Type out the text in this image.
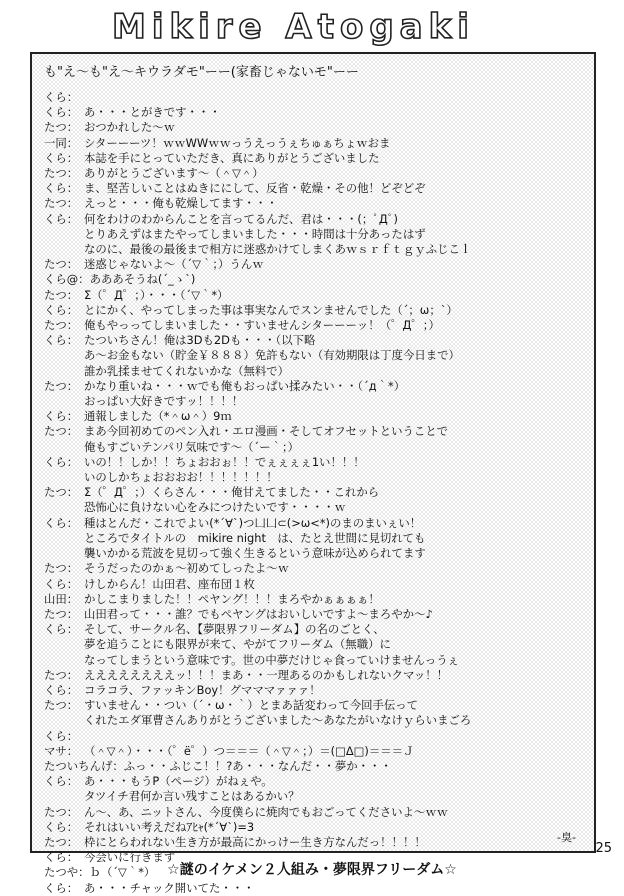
Mikire Atogaki
も"え～も"え～キウラダモ"ーー(家畜じゃないモ"ーー
くら：
くら： あ・・・とがきです・・・
たつ： おつかれした～ｗ
一同： シターーーツ！ｗｗWWｗｗっうえっうぇちゅぁちょｗおま
くら： 本誌を手にとっていただき、真にありがとうございました
たつ： ありがとうございます～（＾▽＾）
くら： ま、堅苦しいことはぬきににして、反省・乾燥・その他！どぞどぞ
たつ： えっと・・・俺も乾燥してます・・・
くら： 何をわけのわからんことを言ってるんだ、君は・・・(；ﾟДﾟ)
とりあえずはまたやってしまいました・・・時間は十分あったはず
なのに、最後の最後まで相方に迷惑かけてしまくあｗｓｒｆｔｇｙふじこｌ
たつ： 迷惑じゃないよ～（´▽｀；）うんｗ
くら@： あああそうね(´_ゝ`)
たつ： Σ（゜Д゜；）・・・（´▽｀*）
くら： とにかく、やってしまった事は事実なんでスンませんでした（´；ω；`）
たつ： 俺もやっってしまいました・・すいませんシターーーッ！（゜Д゜；）
くら： たついちさん！俺は3Dも2Dも・・・（以下略
あ～お金もない（貯金￥８８８）免許もない（有効期限は丁度今日まで）
誰か乳揉ませてくれないかな（無料で）
たつ： かなり重いね・・・ｗでも俺もおっぱい揉みたい・・（´д｀*）
おっぱい大好きですッ！！！！
くら： 通報しました（*＾ω＾）9ｍ
たつ： まあ今回初めてのペン入れ・エロ漫画・そしてオフセットということで
俺もすごいテンパリ気味です～（´ー｀；）
くら： いの！！しか！！ちょおおぉ！！でぇぇぇぇ1い！！！
いのしかちょおおおお！！！！！！！
たつ： Σ（゜Д゜；）くらさん・・・俺甘えてました・・これから
恐怖心に負けない心をみにつけたいです・・・・ｗ
くら： 種はとんだ・これでよい(*´∀`)つ凵凵⊂(>ω<*)のまのまいぇい！
ところでタイトルの　mikire night　は、たとえ世間に見切れても
襲いかかる荒波を見切って強く生きるという意味が込められてます
たつ： そうだったのかぁ～初めてしったよ～ｗ
くら： けしからん！山田君、座布団１枚
山田： かしこまりました！！ペヤング！！！まろやかぁぁぁぁ！
たつ： 山田君って・・・誰？でもペヤングはおいしいですよ～まろやか～♪
くら： そして、サークル名、【夢限界フリーダム】の名のごとく、
夢を追うことにも限界が来て、やがてフリーダム（無職）に
なってしまうという意味です。世の中夢だけじゃ食っていけませんっうぇ
たつ： ええええええええッ！！！まあ・・一理あるのかもしれないクマッ！！
くら： コラコラ、ファッキンBoy！グマママァァァ！
たつ： すいません・・つい（´・ω・｀）とまあ話変わって今回手伝って
くれたエダ軍曹さんありがとうございました～あなたがいなけｙらいまごろ
くら：
マサ： （＾▽＾）・・・（゜ё゜）つ＝＝＝（＾▽＾；）＝(□Δ□)＝＝＝Ｊ
たついちんげ： ふっ・・ふじこ！！?あ・・・なんだ・・夢か・・・
くら： あ・・・もうP（ページ）がねぇや。
タツイチ君何か言い残すことはあるかい？
たつ： ん～、あ、ニットさん、今度僕らに焼肉でもおごってくださいよ～ｗｗ
くら： それはいい考えだねｱﾋｬ(*´∀`)=3
たつ： 枠にとらわれない生き方が最高にかっけー生き方なんだっ！！！！
くら： 今会いに行きます
たつや： ｂ（´▽｀*）
くら： あ・・・チャック開いてた・・・
-臭-
25
☆謎のイケメン２人組み・夢限界フリーダム☆
